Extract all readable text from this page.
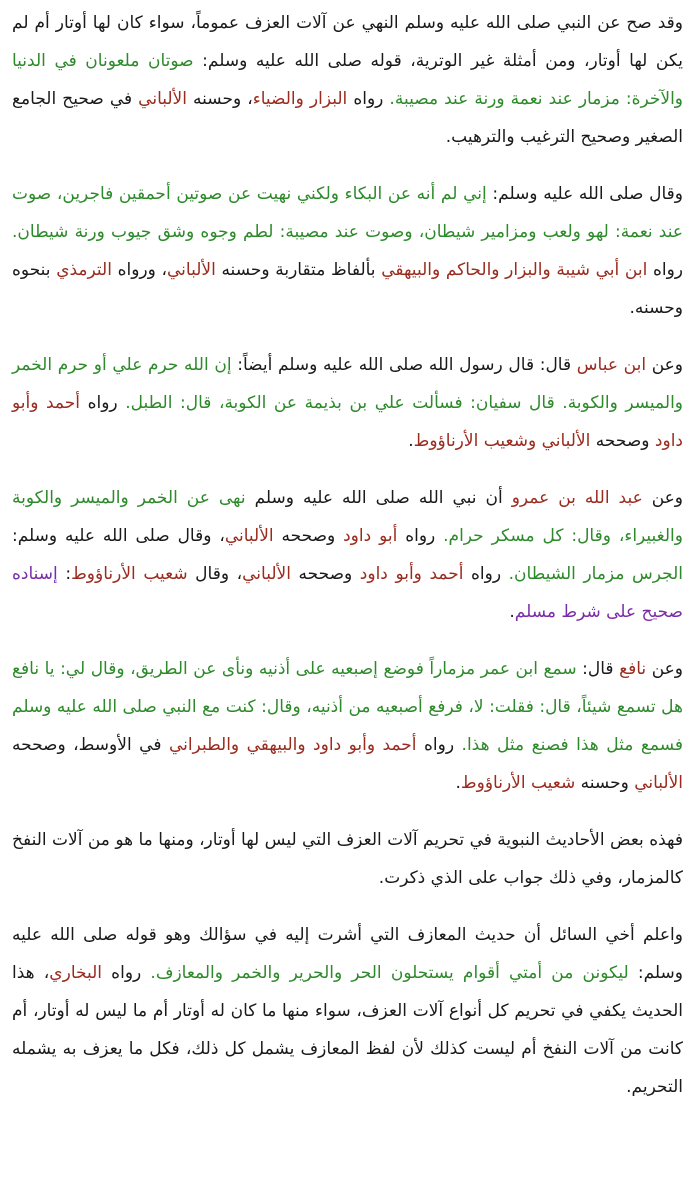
وقد صح عن النبي صلى الله عليه وسلم النهي عن آلات العزف عموماً، سواء كان لها أوتار أم لم يكن لها أوتار، ومن أمثلة غير الوترية، قوله صلى الله عليه وسلم: صوتان ملعونان في الدنيا والآخرة: مزمار عند نعمة ورنة عند مصيبة. رواه البزار والضياء، وحسنه الألباني في صحيح الجامع الصغير وصحيح الترغيب والترهيب.

وقال صلى الله عليه وسلم: إني لم أنه عن البكاء ولكني نهيت عن صوتين أحمقين فاجرين، صوت عند نعمة: لهو ولعب ومزامير شيطان، وصوت عند مصيبة: لطم وجوه وشق جيوب ورنة شيطان. رواه ابن أبي شيبة والبزار والحاكم والبيهقي بألفاظ متقاربة وحسنه الألباني، ورواه الترمذي بنحوه وحسنه.

وعن ابن عباس قال: قال رسول الله صلى الله عليه وسلم أيضاً: إن الله حرم علي أو حرم الخمر والميسر والكوبة. قال سفيان: فسألت علي بن بذيمة عن الكوبة، قال: الطبل. رواه أحمد وأبو داود وصححه الألباني وشعيب الأرناؤوط.

وعن عبد الله بن عمرو أن نبي الله صلى الله عليه وسلم نهى عن الخمر والميسر والكوبة والغبيراء، وقال: كل مسكر حرام. رواه أبو داود وصححه الألباني، وقال صلى الله عليه وسلم: الجرس مزمار الشيطان. رواه أحمد وأبو داود وصححه الألباني، وقال شعيب الأرناؤوط: إسناده صحيح على شرط مسلم.

وعن نافع قال: سمع ابن عمر مزماراً فوضع إصبعيه على أذنيه ونأى عن الطريق، وقال لي: يا نافع هل تسمع شيئاً، قال: فقلت: لا، فرفع أصبعيه من أذنيه، وقال: كنت مع النبي صلى الله عليه وسلم فسمع مثل هذا فصنع مثل هذا. رواه أحمد وأبو داود والبيهقي والطبراني في الأوسط، وصححه الألباني وحسنه شعيب الأرناؤوط.

فهذه بعض الأحاديث النبوية في تحريم آلات العزف التي ليس لها أوتار، ومنها ما هو من آلات النفخ كالمزمار، وفي ذلك جواب على الذي ذكرت.

واعلم أخي السائل أن حديث المعازف التي أشرت إليه في سؤالك وهو قوله صلى الله عليه وسلم: ليكونن من أمتي أقوام يستحلون الحر والحرير والخمر والمعازف. رواه البخاري، هذا الحديث يكفي في تحريم كل أنواع آلات العزف، سواء منها ما كان له أوتار أم ما ليس له أوتار، أم كانت من آلات النفخ أم ليست كذلك لأن لفظ المعازف يشمل كل ذلك، فكل ما يعزف به يشمله التحريم.
